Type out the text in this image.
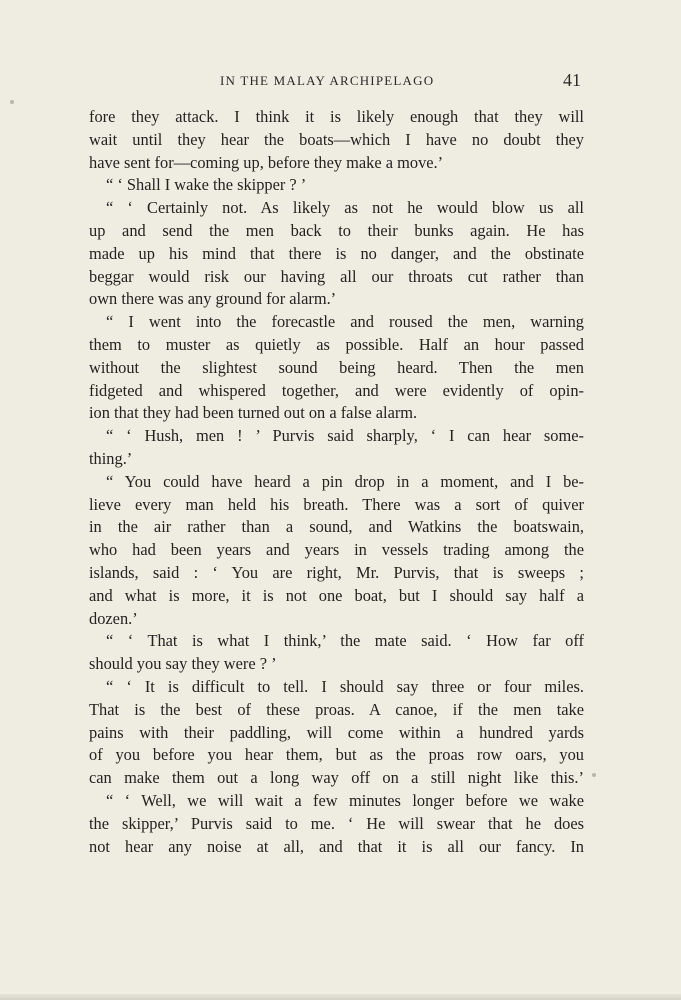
IN THE MALAY ARCHIPELAGO	41
fore they attack. I think it is likely enough that they will
wait until they hear the boats—which I have no doubt they
have sent for—coming up, before they make a move.’
“ ‘ Shall I wake the skipper ? ’
“ ‘ Certainly not. As likely as not he would blow us all
up and send the men back to their bunks again. He has
made up his mind that there is no danger, and the obstinate
beggar would risk our having all our throats cut rather than
own there was any ground for alarm.’
“ I went into the forecastle and roused the men, warning
them to muster as quietly as possible. Half an hour passed
without the slightest sound being heard. Then the men
fidgeted and whispered together, and were evidently of opin-
ion that they had been turned out on a false alarm.
“ ‘ Hush, men ! ’ Purvis said sharply, ‘ I can hear some-
thing.’
“ You could have heard a pin drop in a moment, and I be-
lieve every man held his breath. There was a sort of quiver
in the air rather than a sound, and Watkins the boatswain,
who had been years and years in vessels trading among the
islands, said : ‘ You are right, Mr. Purvis, that is sweeps ;
and what is more, it is not one boat, but I should say half a
dozen.’
“ ‘ That is what I think,’ the mate said. ‘ How far off
should you say they were ? ’
“ ‘ It is difficult to tell. I should say three or four miles.
That is the best of these proas. A canoe, if the men take
pains with their paddling, will come within a hundred yards
of you before you hear them, but as the proas row oars, you
can make them out a long way off on a still night like this.’
“ ‘ Well, we will wait a few minutes longer before we wake
the skipper,’ Purvis said to me. ‘ He will swear that he does
not hear any noise at all, and that it is all our fancy. In
